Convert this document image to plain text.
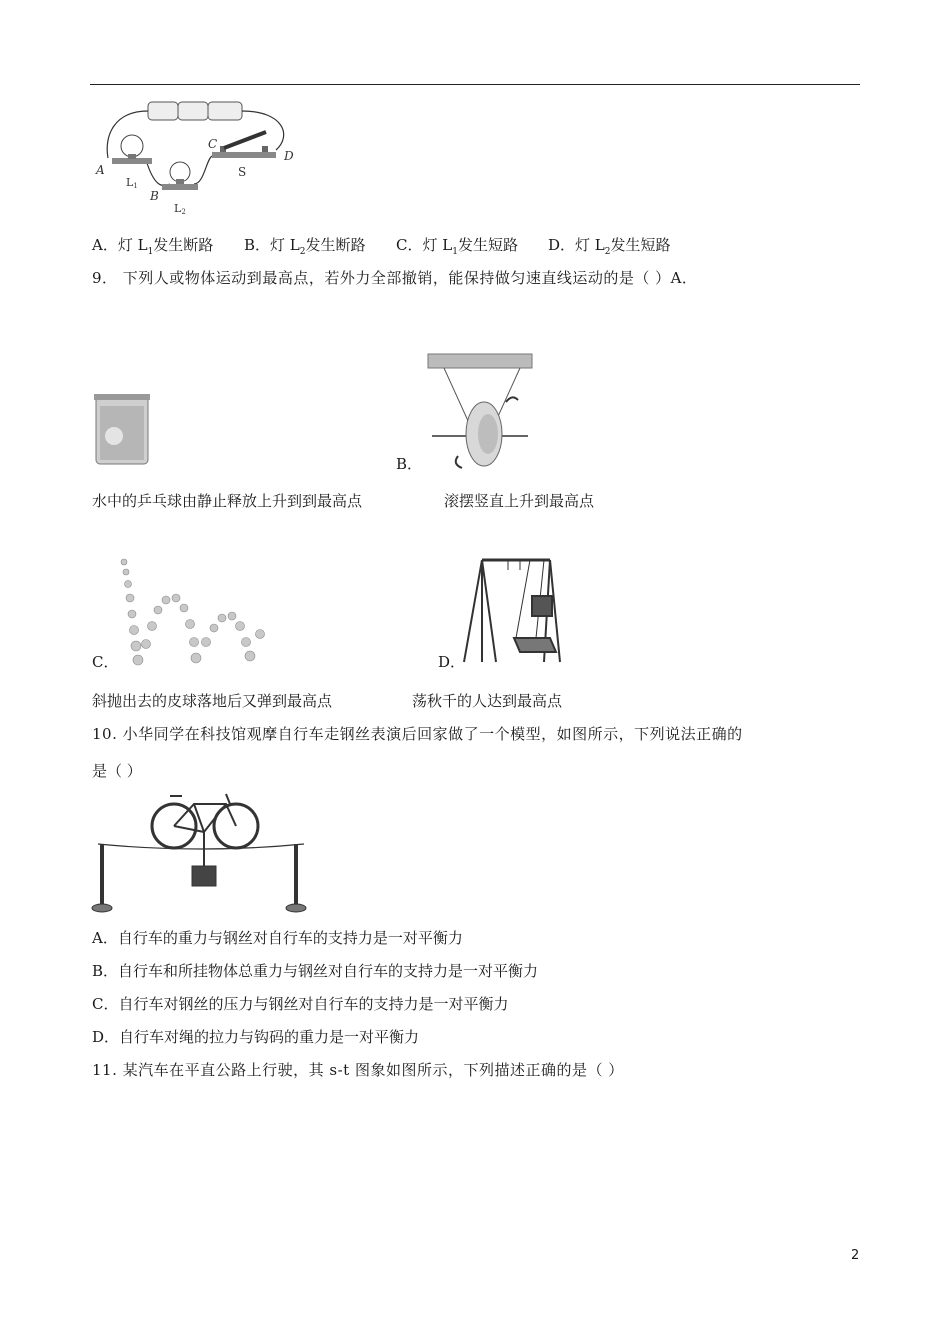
A
B
C
D
S
L1
L2
A．灯 $L_1$发生断路 B．灯 $L_2$发生断路 C．灯 $L_1$发生短路 D．灯 $L_2$发生短路
9． 下列人或物体运动到最高点，若外力全部撤销，能保持做匀速直线运动的是（ ）A．
B．
水中的乒乓球由静止释放上升到到最高点	滚摆竖直上升到最高点
C．	D．
斜抛出去的皮球落地后又弹到最高点	荡秋千的人达到最高点
10. 小华同学在科技馆观摩自行车走钢丝表演后回家做了一个模型，如图所示，下列说法正确的
是（ ）
A．自行车的重力与钢丝对自行车的支持力是一对平衡力
B．自行车和所挂物体总重力与钢丝对自行车的支持力是一对平衡力
C．自行车对钢丝的压力与钢丝对自行车的支持力是一对平衡力
D．自行车对绳的拉力与钩码的重力是一对平衡力
11. 某汽车在平直公路上行驶，其 s-t 图象如图所示，下列描述正确的是（ ）
2
